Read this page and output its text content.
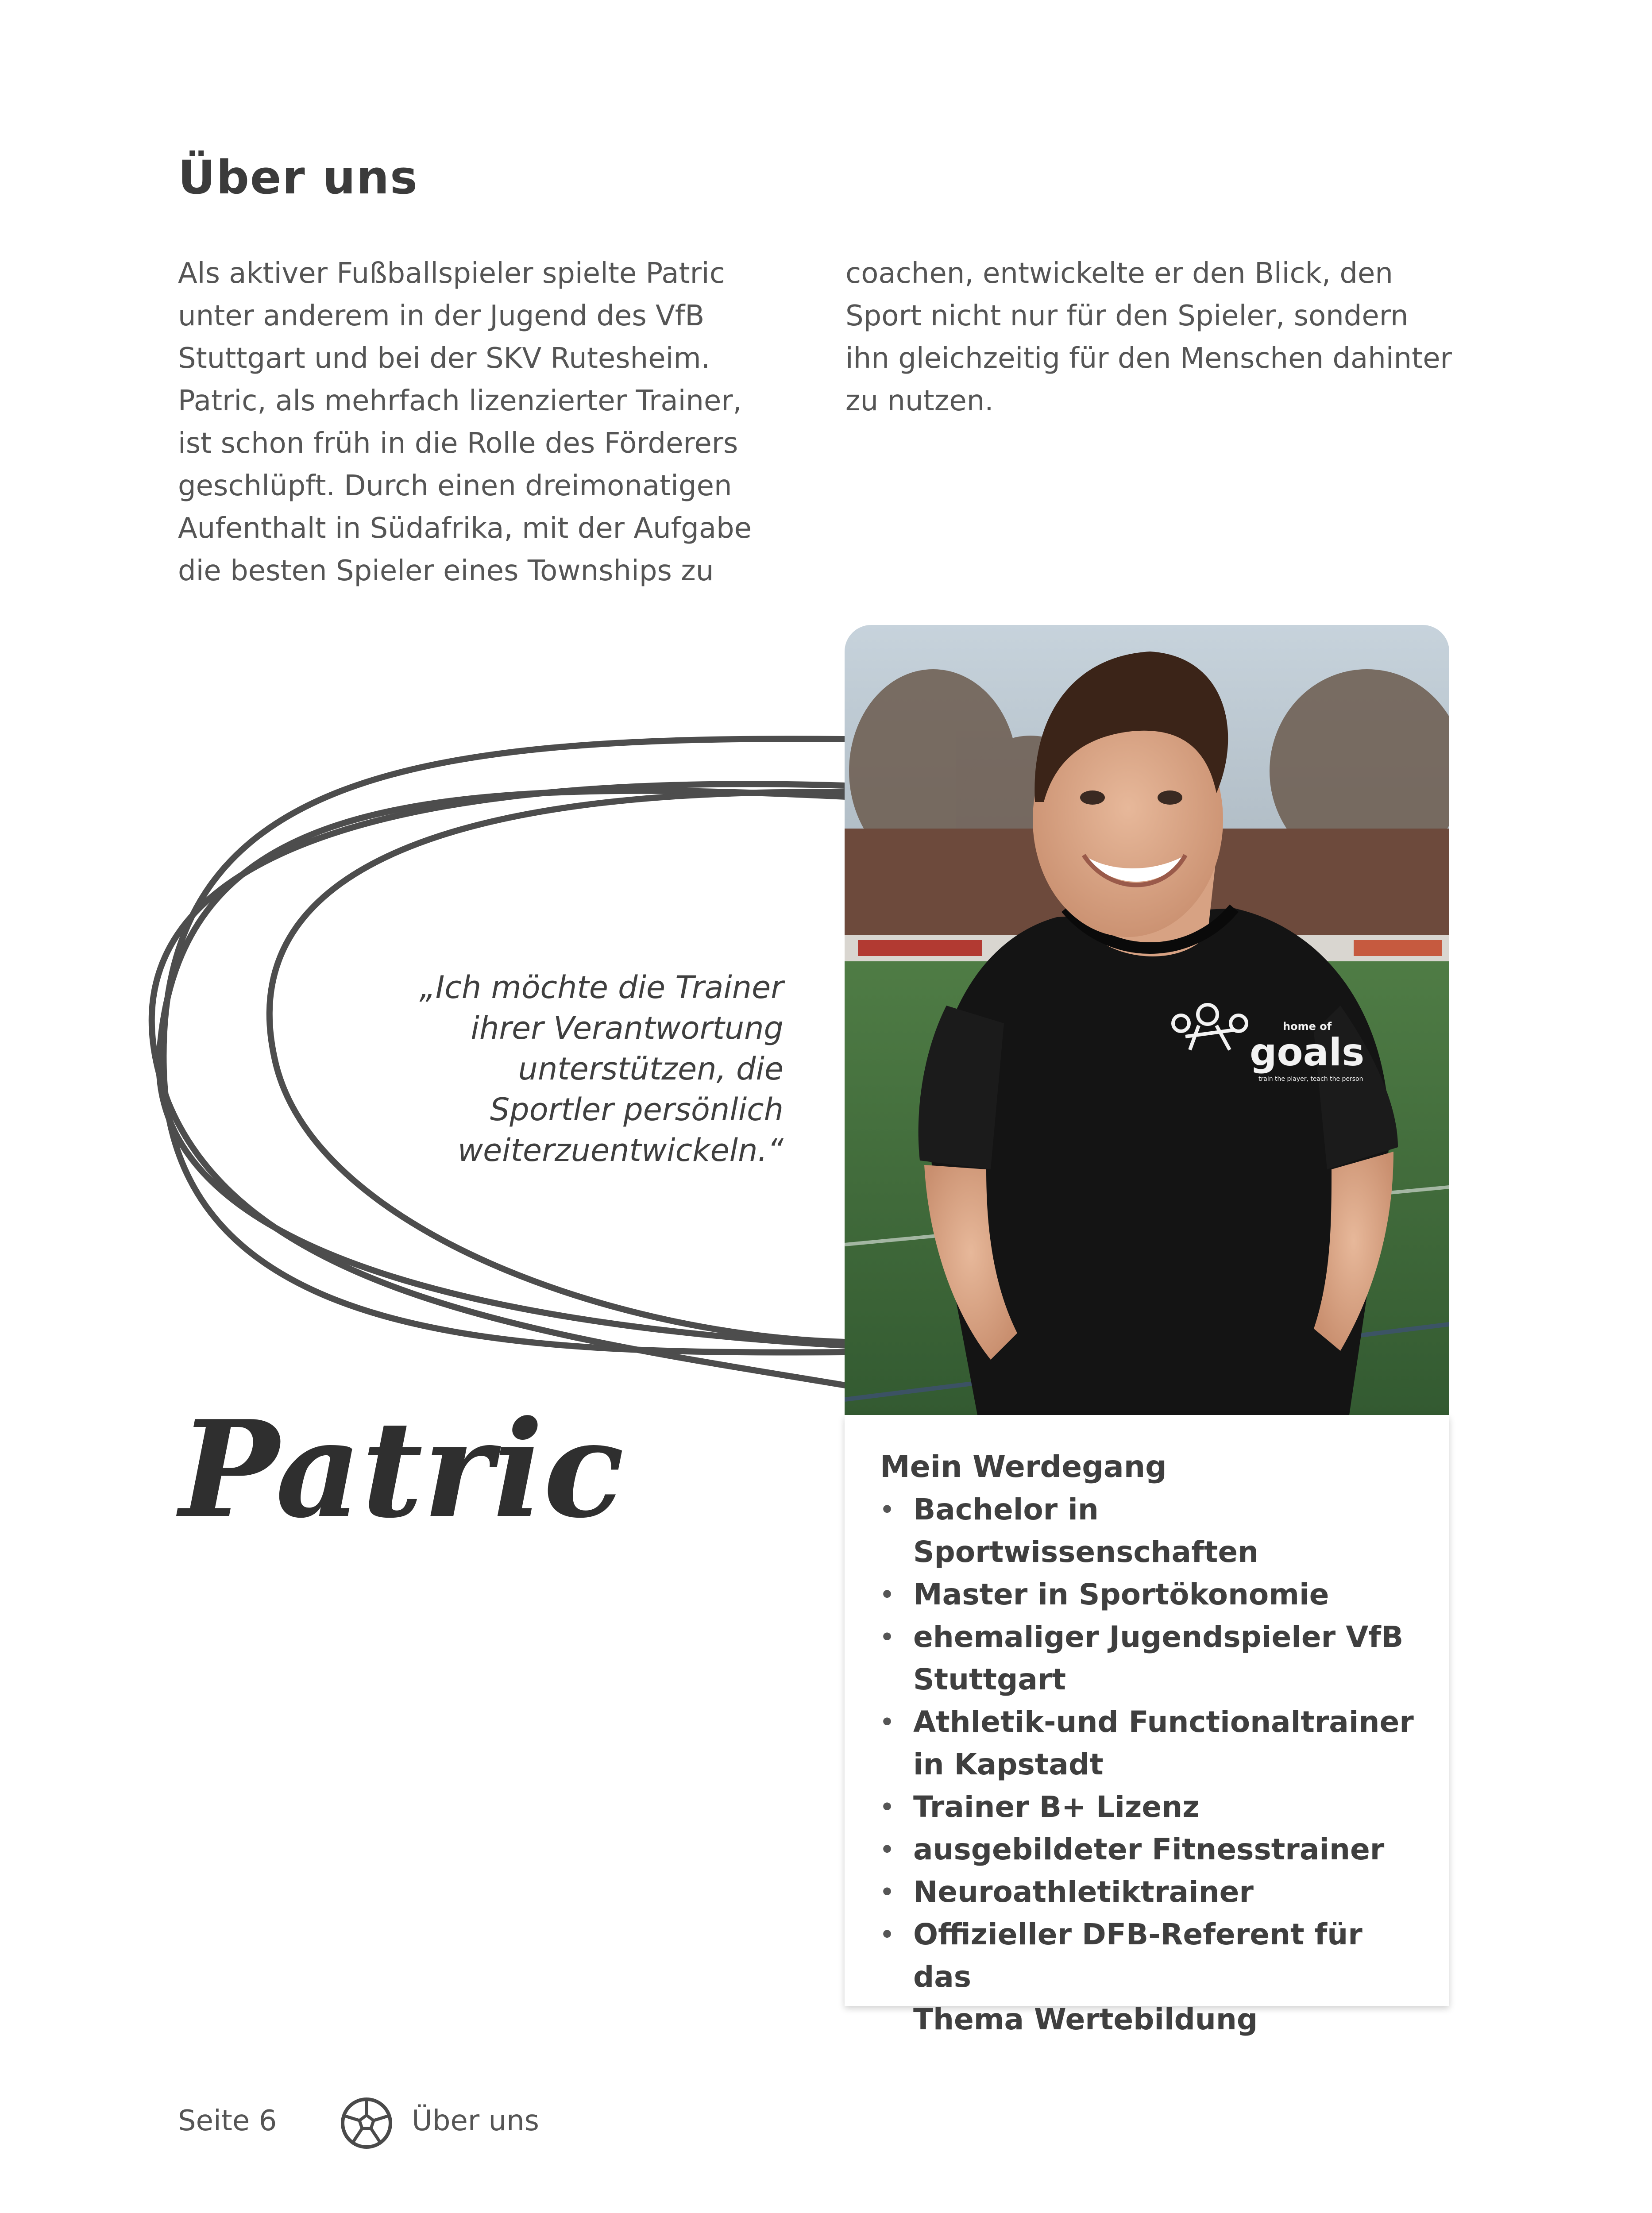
Über uns

Als aktiver Fußballspieler spielte Patric
unter anderem in der Jugend des VfB
Stuttgart und bei der SKV Rutesheim.
Patric, als mehrfach lizenzierter Trainer,
ist schon früh in die Rolle des Förderers
geschlüpft. Durch einen dreimonatigen
Aufenthalt in Südafrika, mit der Aufgabe
die besten Spieler eines Townships zu

coachen, entwickelte er den Blick, den
Sport nicht nur für den Spieler, sondern
ihn gleichzeitig für den Menschen dahinter
zu nutzen.

„Ich möchte die Trainer
ihrer Verantwortung
unterstützen, die
Sportler persönlich
weiterzuentwickeln.“

goals
home of
train the player, teach the person
Patric	Mein Werdegang

• Bachelor in Sportwissenschaften
• Master in Sportökonomie
• ehemaliger Jugendspieler VfB
Stuttgart
• Athletik-und Functionaltrainer
in Kapstadt
• Trainer B+ Lizenz
• ausgebildeter Fitnesstrainer
• Neuroathletiktrainer
• Offizieller DFB-Referent für das
Thema Wertebildung
Seite 6	Über uns
